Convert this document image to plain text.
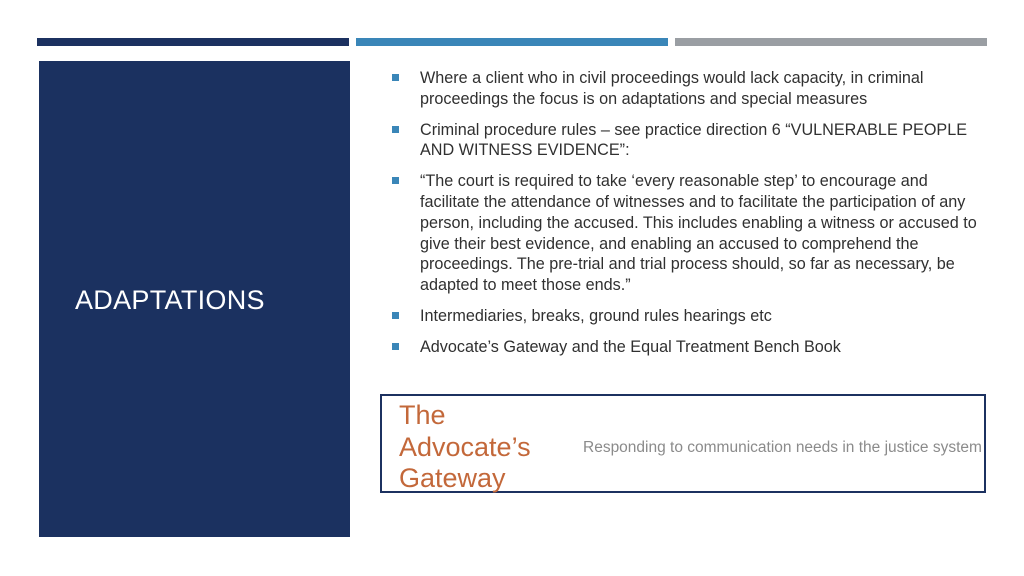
ADAPTATIONS
Where a client who in civil proceedings would lack capacity, in criminal proceedings the focus is on adaptations and special measures
Criminal procedure rules – see practice direction 6 “VULNERABLE PEOPLE AND WITNESS EVIDENCE”:
“The court is required to take ‘every reasonable step’ to encourage and facilitate the attendance of witnesses and to facilitate the participation of any person, including the accused. This includes enabling a witness or accused to give their best evidence, and enabling an accused to comprehend the proceedings. The pre-trial and trial process should, so far as necessary, be adapted to meet those ends.”
Intermediaries, breaks, ground rules hearings etc
Advocate’s Gateway and the Equal Treatment Bench Book
The
Advocate’s
Gateway
Responding to communication needs in the justice system
